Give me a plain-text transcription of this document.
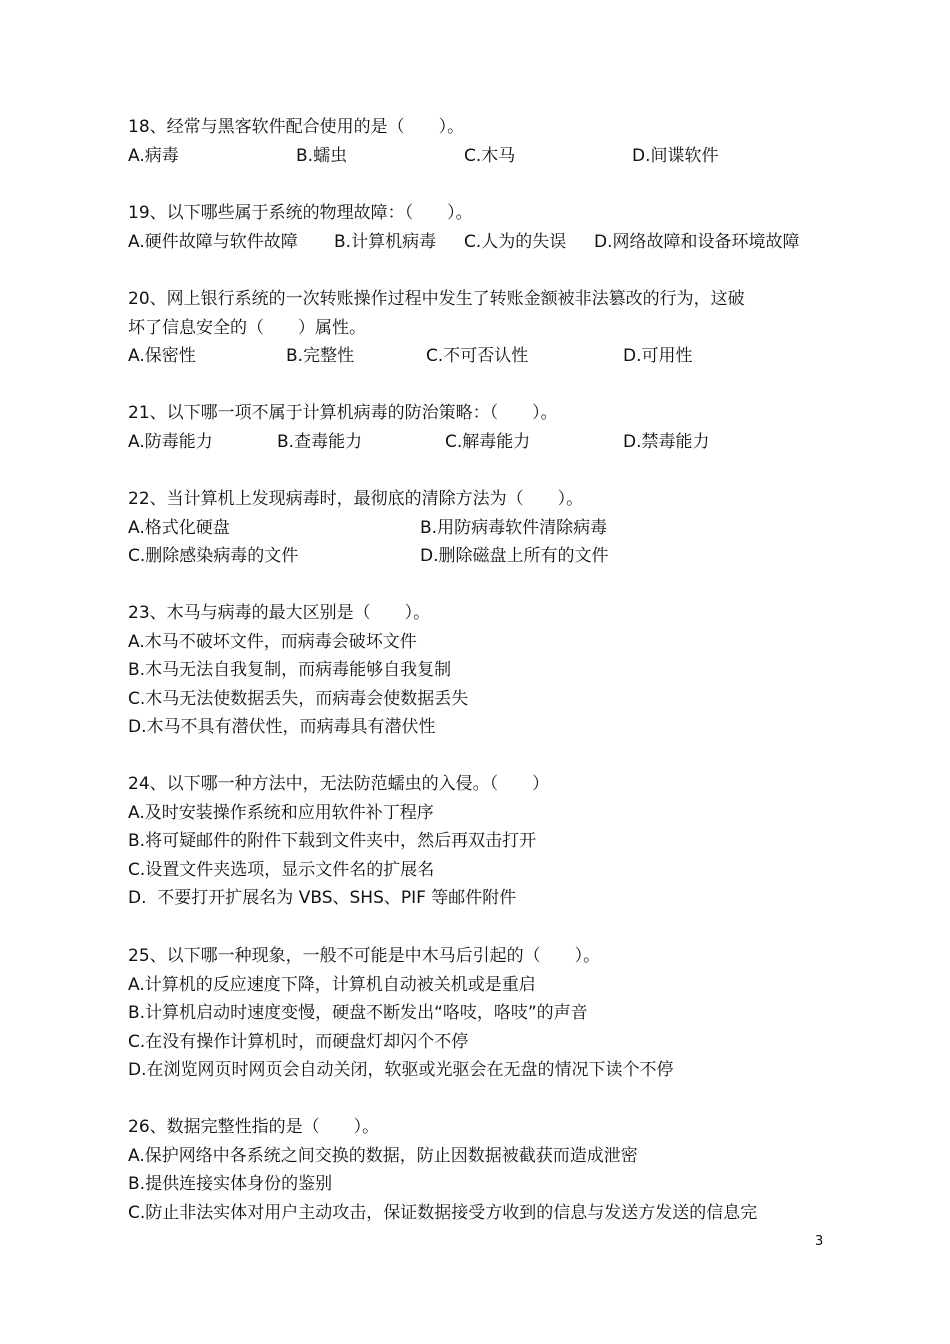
18、经常与黑客软件配合使用的是（　　）。
A.病毒	B.蠕虫	C.木马	D.间谍软件
19、以下哪些属于系统的物理故障：（　　）。
A.硬件故障与软件故障	B.计算机病毒	C.人为的失误	D.网络故障和设备环境故障
20、网上银行系统的一次转账操作过程中发生了转账金额被非法篡改的行为，这破
坏了信息安全的（　　）属性。
A.保密性	B.完整性	C.不可否认性	D.可用性
21、以下哪一项不属于计算机病毒的防治策略：（　　）。
A.防毒能力	B.查毒能力	C.解毒能力	D.禁毒能力
22、当计算机上发现病毒时，最彻底的清除方法为（　　）。
A.格式化硬盘	B.用防病毒软件清除病毒
C.删除感染病毒的文件	D.删除磁盘上所有的文件
23、木马与病毒的最大区别是（　　）。
A.木马不破坏文件，而病毒会破坏文件
B.木马无法自我复制，而病毒能够自我复制
C.木马无法使数据丢失，而病毒会使数据丢失
D.木马不具有潜伏性，而病毒具有潜伏性
24、以下哪一种方法中，无法防范蠕虫的入侵。（　　）
A.及时安装操作系统和应用软件补丁程序
B.将可疑邮件的附件下载到文件夹中，然后再双击打开
C.设置文件夹选项，显示文件名的扩展名
D.  不要打开扩展名为 VBS、SHS、PIF 等邮件附件
25、以下哪一种现象，一般不可能是中木马后引起的（　　）。
A.计算机的反应速度下降，计算机自动被关机或是重启
B.计算机启动时速度变慢，硬盘不断发出“咯吱，咯吱”的声音
C.在没有操作计算机时，而硬盘灯却闪个不停
D.在浏览网页时网页会自动关闭，软驱或光驱会在无盘的情况下读个不停
26、数据完整性指的是（　　）。
A.保护网络中各系统之间交换的数据，防止因数据被截获而造成泄密
B.提供连接实体身份的鉴别
C.防止非法实体对用户主动攻击，保证数据接受方收到的信息与发送方发送的信息完
3
